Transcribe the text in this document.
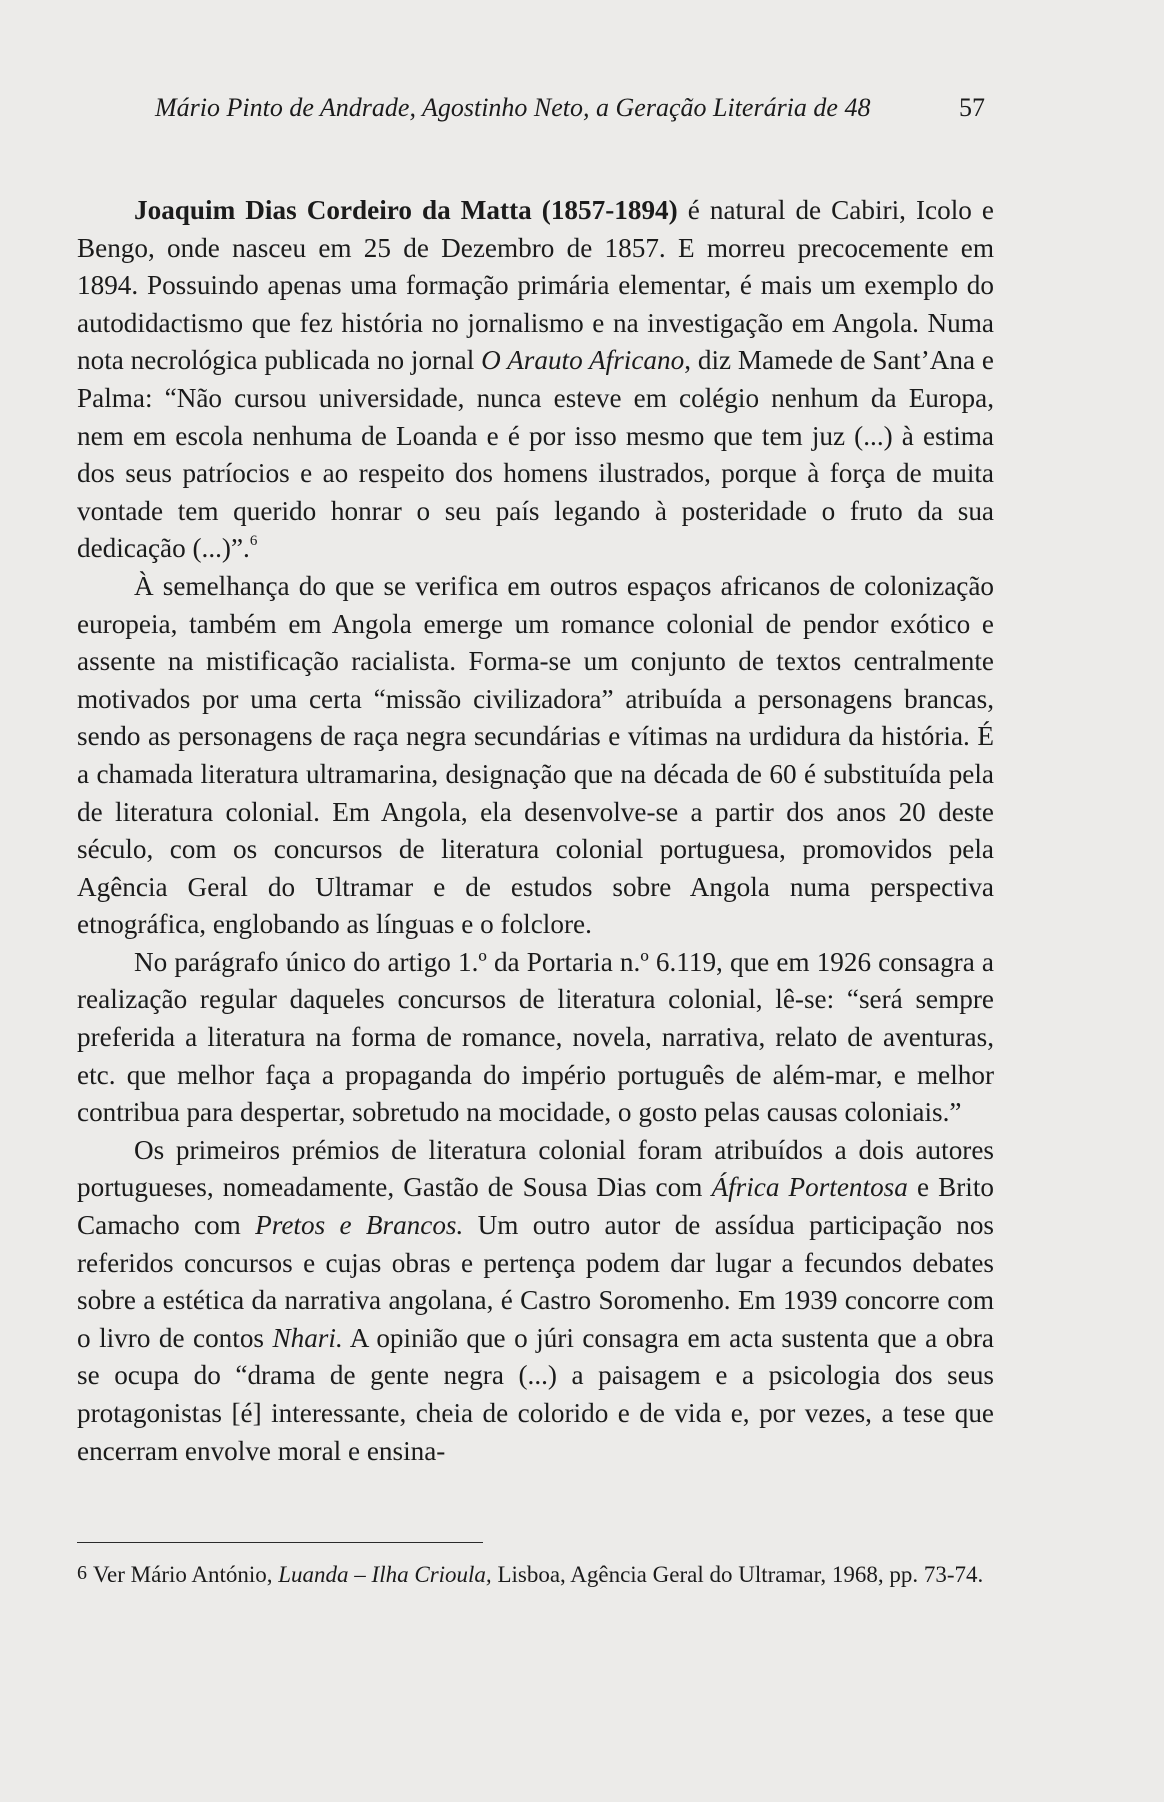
Mário Pinto de Andrade, Agostinho Neto, a Geração Literária de 48	57

Joaquim Dias Cordeiro da Matta (1857-1894) é natural de Cabiri, Icolo e Bengo, onde nasceu em 25 de Dezembro de 1857. E morreu precocemente em 1894. Possuindo apenas uma formação primária elementar, é mais um exemplo do autodidactismo que fez história no jornalismo e na investigação em Angola. Numa nota necrológica publicada no jornal O Arauto Africano, diz Mamede de Sant’Ana e Palma: “Não cursou universidade, nunca esteve em colégio nenhum da Europa, nem em escola nenhuma de Loanda e é por isso mesmo que tem juz (...) à estima dos seus patríocios e ao respeito dos homens ilustrados, porque à força de muita vontade tem querido honrar o seu país legando à posteridade o fruto da sua dedicação (...)”.$^6$

À semelhança do que se verifica em outros espaços africanos de colonização europeia, também em Angola emerge um romance colonial de pendor exótico e assente na mistificação racialista. Forma-se um conjunto de textos centralmente motivados por uma certa “missão civilizadora” atribuída a personagens brancas, sendo as personagens de raça negra secundárias e vítimas na urdidura da história. É a chamada literatura ultramarina, designação que na década de 60 é substituída pela de literatura colonial. Em Angola, ela desenvolve-se a partir dos anos 20 deste século, com os concursos de literatura colonial portuguesa, promovidos pela Agência Geral do Ultramar e de estudos sobre Angola numa perspectiva etnográfica, englobando as línguas e o folclore.

No parágrafo único do artigo 1.º da Portaria n.º 6.119, que em 1926 consagra a realização regular daqueles concursos de literatura colonial, lê-se: “será sempre preferida a literatura na forma de romance, novela, narrativa, relato de aventuras, etc. que melhor faça a propaganda do império português de além-mar, e melhor contribua para despertar, sobretudo na mocidade, o gosto pelas causas coloniais.”

Os primeiros prémios de literatura colonial foram atribuídos a dois autores portugueses, nomeadamente, Gastão de Sousa Dias com África Portentosa e Brito Camacho com Pretos e Brancos. Um outro autor de assídua participação nos referidos concursos e cujas obras e pertença podem dar lugar a fecundos debates sobre a estética da narrativa angolana, é Castro Soromenho. Em 1939 concorre com o livro de contos Nhari. A opinião que o júri consagra em acta sustenta que a obra se ocupa do “drama de gente negra (...) a paisagem e a psicologia dos seus protagonistas [é] interessante, cheia de colorido e de vida e, por vezes, a tese que encerram envolve moral e ensina-

6 Ver Mário António, Luanda – Ilha Crioula, Lisboa, Agência Geral do Ultramar, 1968, pp. 73-74.
